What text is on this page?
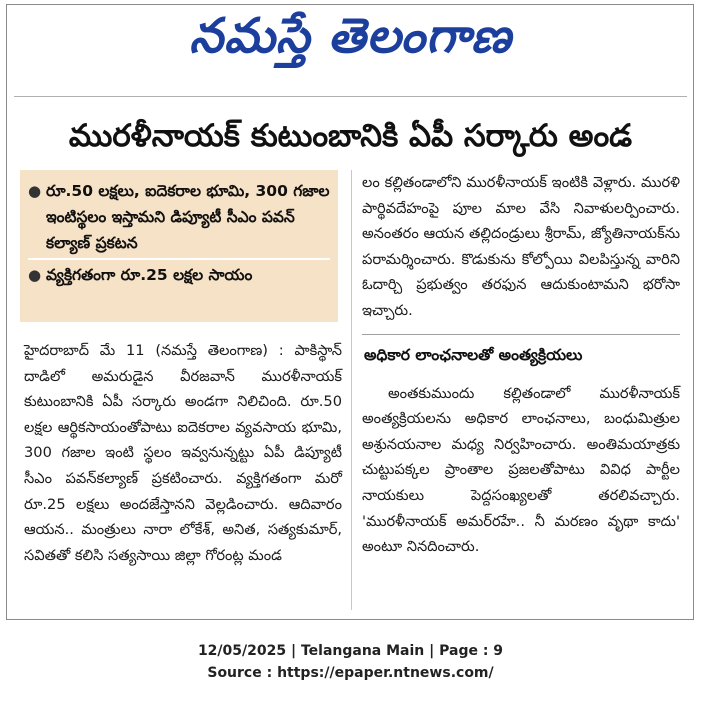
నమస్తే తెలంగాణ
మురళీనాయక్ కుటుంబానికి ఏపీ సర్కారు అండ
● రూ.50 లక్షలు, ఐదెకరాల భూమి, 300 గజాల ఇంటిస్థలం ఇస్తామని డిప్యూటీ సీఎం పవన్ కల్యాణ్ ప్రకటన
● వ్యక్తిగతంగా రూ.25 లక్షల సాయం
హైదరాబాద్ మే 11 (నమస్తే తెలంగాణ) : పాకిస్థాన్ దాడిలో అమరుడైన వీరజవాన్ మురళీనాయక్ కుటుంబానికి ఏపీ సర్కారు అండగా నిలిచింది. రూ.50 లక్షల ఆర్థికసాయంతోపాటు ఐదెకరాల వ్యవసాయ భూమి, 300 గజాల ఇంటి స్థలం ఇవ్వనున్నట్టు ఏపీ డిప్యూటీ సీఎం పవన్‌కల్యాణ్ ప్రకటించారు. వ్యక్తిగతంగా మరో రూ.25 లక్షలు అందజేస్తానని వెల్లడించారు. ఆదివారం ఆయన.. మంత్రులు నారా లోకేశ్, అనిత, సత్యకుమార్, సవితతో కలిసి సత్యసాయి జిల్లా గోరంట్ల మండ
లం కల్లితండాలోని మురళీనాయక్ ఇంటికి వెళ్లారు. మురళి పార్థివదేహంపై పూల మాల వేసి నివాళులర్పించారు. అనంతరం ఆయన తల్లిదండ్రులు శ్రీరామ్, జ్యోతినాయక్‌ను పరామర్శించారు. కొడుకును కోల్పోయి విలపిస్తున్న వారిని ఓదార్చి ప్రభుత్వం తరఫున ఆదుకుంటామని భరోసా ఇచ్చారు.
అధికార లాంఛనాలతో అంత్యక్రియలు
అంతకుముందు కల్లితండాలో మురళీనాయక్ అంత్యక్రియలను అధికార లాంఛనాలు, బంధుమిత్రుల అశ్రునయనాల మధ్య నిర్వహించారు. అంతిమయాత్రకు చుట్టుపక్కల ప్రాంతాల ప్రజలతోపాటు వివిధ పార్టీల నాయకులు పెద్దసంఖ్యలతో తరలివచ్చారు. 'మురళీనాయక్ అమర్‌రహే.. నీ మరణం వృథా కాదు' అంటూ నినదించారు.
12/05/2025 | Telangana Main | Page : 9
Source : https://epaper.ntnews.com/
